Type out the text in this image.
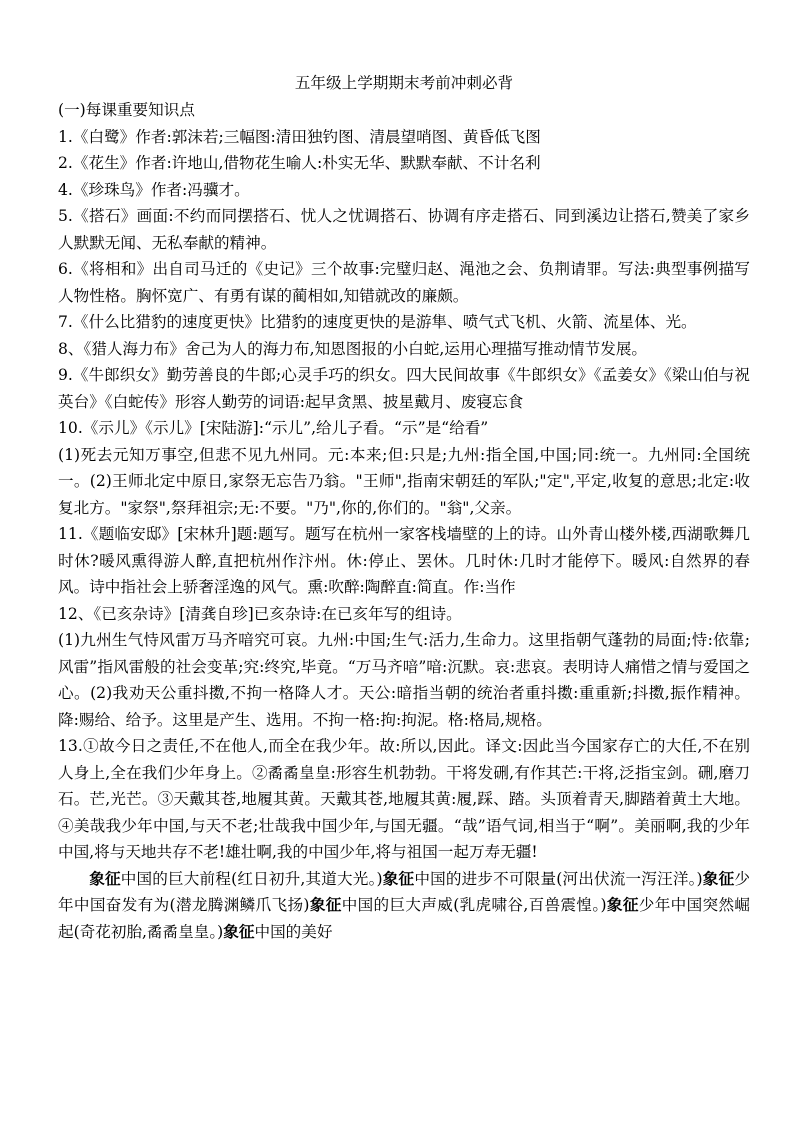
五年级上学期期末考前冲刺必背

(一)每课重要知识点

1.《白鹭》作者:郭沫若;三幅图:清田独钓图、清晨望哨图、黄昏低飞图

2.《花生》作者:许地山,借物花生喻人:朴实无华、默默奉献、不计名利

4.《珍珠鸟》作者:冯骥才。

5.《搭石》画面:不约而同摆搭石、忧人之忧调搭石、协调有序走搭石、同到溪边让搭石,赞美了家乡人默默无闻、无私奉献的精神。

6.《将相和》出自司马迁的《史记》三个故事:完璧归赵、渑池之会、负荆请罪。写法:典型事例描写人物性格。胸怀宽广、有勇有谋的蔺相如,知错就改的廉颇。

7.《什么比猎豹的速度更快》比猎豹的速度更快的是游隼、喷气式飞机、火箭、流星体、光。

8、《猎人海力布》舍己为人的海力布,知恩图报的小白蛇,运用心理描写推动情节发展。

9.《牛郎织女》勤劳善良的牛郎;心灵手巧的织女。四大民间故事《牛郎织女》《孟姜女》《梁山伯与祝英台》《白蛇传》形容人勤劳的词语:起早贪黑、披星戴月、废寝忘食

10.《示儿》《示儿》[宋陆游]:“示儿”,给儿子看。“示”是“给看”

(1)死去元知万事空,但悲不见九州同。元:本来;但:只是;九州:指全国,中国;同:统一。九州同:全国统一。(2)王师北定中原日,家祭无忘告乃翁。"王师",指南宋朝廷的军队;"定",平定,收复的意思;北定:收复北方。"家祭",祭拜祖宗;无:不要。"乃",你的,你们的。"翁",父亲。

11.《题临安邸》[宋林升]题:题写。题写在杭州一家客栈墙壁的上的诗。山外青山楼外楼,西湖歌舞几时休?暖风熏得游人醉,直把杭州作汴州。休:停止、罢休。几时休:几时才能停下。暖风:自然界的春风。诗中指社会上骄奢淫逸的风气。熏:吹醉:陶醉直:简直。作:当作

12、《已亥杂诗》[清龚自珍]已亥杂诗:在已亥年写的组诗。

(1)九州生气恃风雷万马齐喑究可哀。九州:中国;生气:活力,生命力。这里指朝气蓬勃的局面;恃:依靠;风雷”指风雷般的社会变革;究:终究,毕竟。“万马齐喑”喑:沉默。哀:悲哀。表明诗人痛惜之情与爱国之心。(2)我劝天公重抖擞,不拘一格降人才。天公:暗指当朝的统治者重抖擞:重重新;抖擞,振作精神。降:赐给、给予。这里是产生、选用。不拘一格:拘:拘泥。格:格局,规格。

13.①故今日之责任,不在他人,而全在我少年。故:所以,因此。译文:因此当今国家存亡的大任,不在别人身上,全在我们少年身上。②矞矞皇皇:形容生机勃勃。干将发硎,有作其芒:干将,泛指宝剑。硎,磨刀石。芒,光芒。③天戴其苍,地履其黄。天戴其苍,地履其黄:履,踩、踏。头顶着青天,脚踏着黄土大地。④美哉我少年中国,与天不老;壮哉我中国少年,与国无疆。“哉”语气词,相当于“啊”。美丽啊,我的少年中国,将与天地共存不老!雄壮啊,我的中国少年,将与祖国一起万寿无疆!

象征中国的巨大前程(红日初升,其道大光。)象征中国的进步不可限量(河出伏流一泻汪洋。)象征少年中国奋发有为(潜龙腾渊鳞爪飞扬)象征中国的巨大声威(乳虎啸谷,百兽震惶。)象征少年中国突然崛起(奇花初胎,矞矞皇皇。)象征中国的美好
